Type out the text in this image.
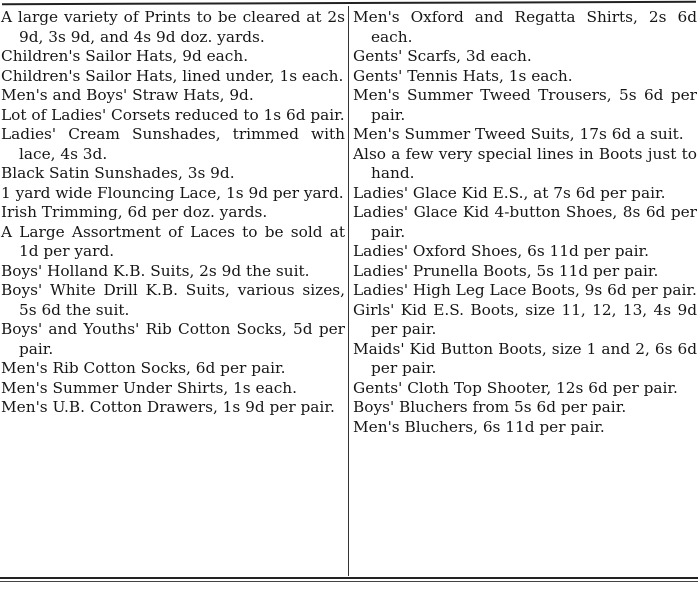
A large variety of Prints to be cleared at 2s 9d, 3s 9d, and 4s 9d doz. yards.
Children's Sailor Hats, 9d each.
Children's Sailor Hats, lined under, 1s each.
Men's and Boys' Straw Hats, 9d.
Lot of Ladies' Corsets reduced to 1s 6d pair.
Ladies' Cream Sunshades, trimmed with lace, 4s 3d.
Black Satin Sunshades, 3s 9d.
1 yard wide Flouncing Lace, 1s 9d per yard.
Irish Trimming, 6d per doz. yards.
A Large Assortment of Laces to be sold at 1d per yard.
Boys' Holland K.B. Suits, 2s 9d the suit.
Boys' White Drill K.B. Suits, various sizes, 5s 6d the suit.
Boys' and Youths' Rib Cotton Socks, 5d per pair.
Men's Rib Cotton Socks, 6d per pair.
Men's Summer Under Shirts, 1s each.
Men's U.B. Cotton Drawers, 1s 9d per pair.
Men's Oxford and Regatta Shirts, 2s 6d each.
Gents' Scarfs, 3d each.
Gents' Tennis Hats, 1s each.
Men's Summer Tweed Trousers, 5s 6d per pair.
Men's Summer Tweed Suits, 17s 6d a suit.
Also a few very special lines in Boots just to hand.
Ladies' Glace Kid E.S., at 7s 6d per pair.
Ladies' Glace Kid 4-button Shoes, 8s 6d per pair.
Ladies' Oxford Shoes, 6s 11d per pair.
Ladies' Prunella Boots, 5s 11d per pair.
Ladies' High Leg Lace Boots, 9s 6d per pair.
Girls' Kid E.S. Boots, size 11, 12, 13, 4s 9d per pair.
Maids' Kid Button Boots, size 1 and 2, 6s 6d per pair.
Gents' Cloth Top Shooter, 12s 6d per pair.
Boys' Bluchers from 5s 6d per pair.
Men's Bluchers, 6s 11d per pair.
